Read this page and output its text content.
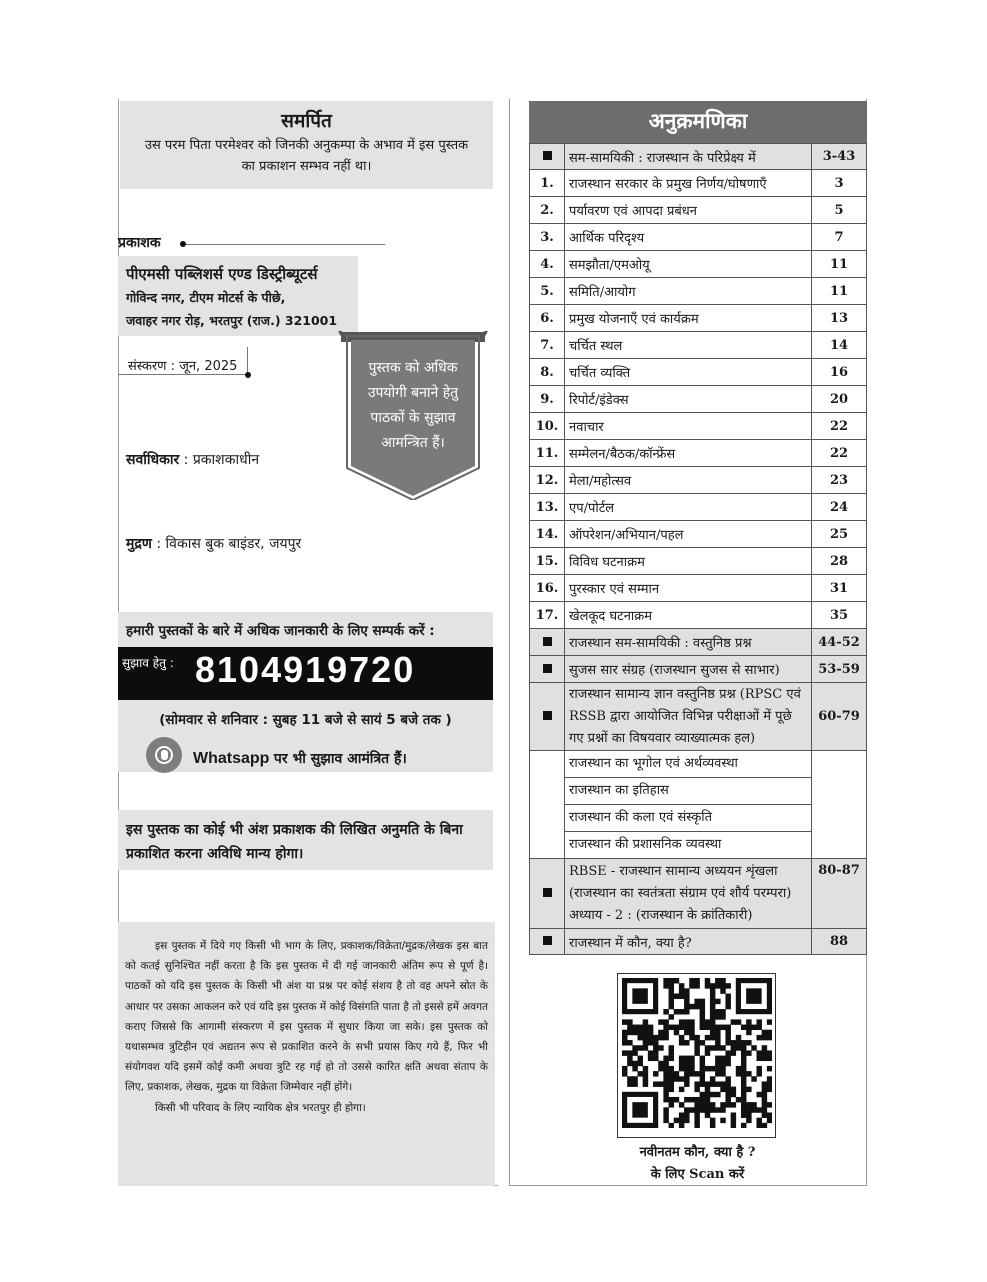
समर्पित
उस परम पिता परमेश्वर को जिनकी अनुकम्पा के अभाव में इस पुस्तक का प्रकाशन सम्भव नहीं था।
प्रकाशक
पीएमसी पब्लिशर्स एण्ड डिस्ट्रीब्यूटर्स
गोविन्द नगर, टीएम मोटर्स के पीछे,
जवाहर नगर रोड़, भरतपुर (राज.) 321001
संस्करण : जून, 2025	पुस्तक को अधिक उपयोगी बनाने हेतु पाठकों के सुझाव आमन्त्रित हैं।
सर्वाधिकार : प्रकाशकाधीन
मुद्रण : विकास बुक बाइंडर, जयपुर
हमारी पुस्तकों के बारे में अधिक जानकारी के लिए सम्पर्क करें :
सुझाव हेतु : 8104919720
(सोमवार से शनिवार : सुबह 11 बजे से सायं 5 बजे तक )
Whatsapp पर भी सुझाव आमंत्रित हैं।
इस पुस्तक का कोई भी अंश प्रकाशक की लिखित अनुमति के बिना प्रकाशित करना अविधि मान्य होगा।
इस पुस्तक में दिये गए किसी भी भाग के लिए, प्रकाशक/विक्रेता/मुद्रक/लेखक इस बात को कतई सुनिश्चित नहीं करता है कि इस पुस्तक में दी गई जानकारी अंतिम रूप से पूर्ण है। पाठकों को यदि इस पुस्तक के किसी भी अंश या प्रश्न पर कोई संशय है तो वह अपने स्रोत के आधार पर उसका आकलन करे एवं यदि इस पुस्तक में कोई विसंगति पाता है तो इससे हमें अवगत कराए जिससे कि आगामी संस्करण में इस पुस्तक में सुधार किया जा सके। इस पुस्तक को यथासम्भव त्रुटिहीन एवं अद्यतन रूप से प्रकाशित करने के सभी प्रयास किए गये हैं, फिर भी संयोगवश यदि इसमें कोई कमी अथवा त्रुटि रह गई हो तो उससे कारित क्षति अथवा संताप के लिए, प्रकाशक, लेखक, मुद्रक या विक्रेता जिम्मेवार नहीं होंगे।
किसी भी परिवाद के लिए न्यायिक क्षेत्र भरतपुर ही होगा।
अनुक्रमणिका
	सम-सामयिकी : राजस्थान के परिप्रेक्ष्य में	3-43
1.	राजस्थान सरकार के प्रमुख निर्णय/घोषणाएँ	3
2.	पर्यावरण एवं आपदा प्रबंधन	5
3.	आर्थिक परिदृश्य	7
4.	समझौता/एमओयू	11
5.	समिति/आयोग	11
6.	प्रमुख योजनाएँ एवं कार्यक्रम	13
7.	चर्चित स्थल	14
8.	चर्चित व्यक्ति	16
9.	रिपोर्ट/इंडेक्स	20
10.	नवाचार	22
11.	सम्मेलन/बैठक/कॉन्फ्रेंस	22
12.	मेला/महोत्सव	23
13.	एप/पोर्टल	24
14.	ऑपरेशन/अभियान/पहल	25
15.	विविध घटनाक्रम	28
16.	पुरस्कार एवं सम्मान	31
17.	खेलकूद घटनाक्रम	35
	राजस्थान सम-सामयिकी : वस्तुनिष्ठ प्रश्न	44-52
	सुजस सार संग्रह (राजस्थान सुजस से साभार)	53-59
	राजस्थान सामान्य ज्ञान वस्तुनिष्ठ प्रश्न (RPSC एवं RSSB द्वारा आयोजित विभिन्न परीक्षाओं में पूछे गए प्रश्नों का विषयवार व्याख्यात्मक हल)	60-79

	राजस्थान का भूगोल एवं अर्थव्यवस्था
राजस्थान का इतिहास
राजस्थान की कला एवं संस्कृति
राजस्थान की प्रशासनिक व्यवस्था	

	RBSE - राजस्थान सामान्य अध्ययन शृंखला (राजस्थान का स्वतंत्रता संग्राम एवं शौर्य परम्परा) अध्याय - 2 : (राजस्थान के क्रांतिकारी)	80-87
	राजस्थान में कौन, क्या है?	88
नवीनतम कौन, क्या है ?
के लिए Scan करें
